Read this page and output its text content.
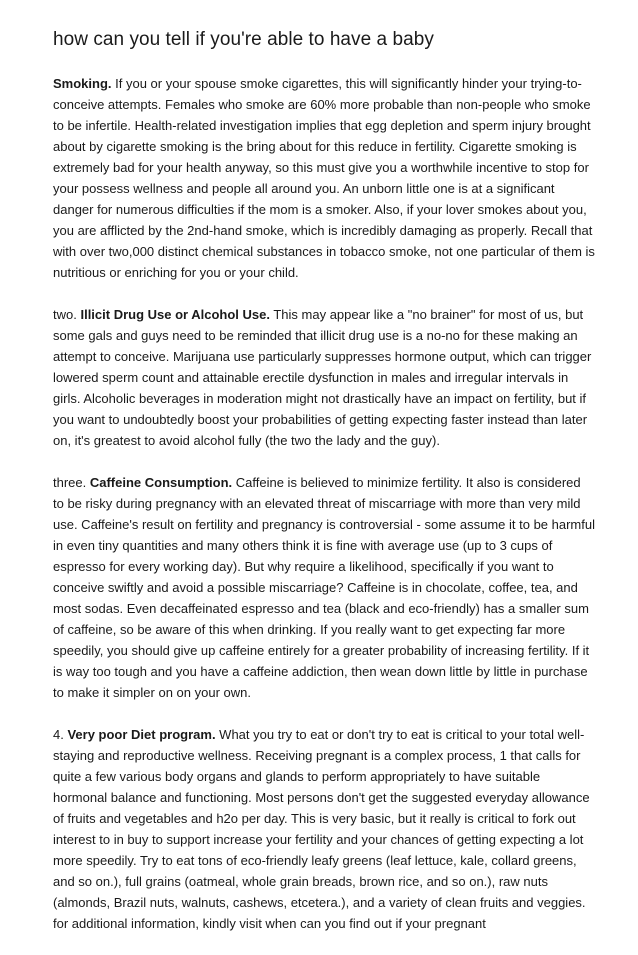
how can you tell if you're able to have a baby

Smoking. If you or your spouse smoke cigarettes, this will significantly hinder your trying-to-conceive attempts. Females who smoke are 60% more probable than non-people who smoke to be infertile. Health-related investigation implies that egg depletion and sperm injury brought about by cigarette smoking is the bring about for this reduce in fertility. Cigarette smoking is extremely bad for your health anyway, so this must give you a worthwhile incentive to stop for your possess wellness and people all around you. An unborn little one is at a significant danger for numerous difficulties if the mom is a smoker. Also, if your lover smokes about you, you are afflicted by the 2nd-hand smoke, which is incredibly damaging as properly. Recall that with over two,000 distinct chemical substances in tobacco smoke, not one particular of them is nutritious or enriching for you or your child.

two. Illicit Drug Use or Alcohol Use. This may appear like a "no brainer" for most of us, but some gals and guys need to be reminded that illicit drug use is a no-no for these making an attempt to conceive. Marijuana use particularly suppresses hormone output, which can trigger lowered sperm count and attainable erectile dysfunction in males and irregular intervals in girls. Alcoholic beverages in moderation might not drastically have an impact on fertility, but if you want to undoubtedly boost your probabilities of getting expecting faster instead than later on, it's greatest to avoid alcohol fully (the two the lady and the guy).

three. Caffeine Consumption. Caffeine is believed to minimize fertility. It also is considered to be risky during pregnancy with an elevated threat of miscarriage with more than very mild use. Caffeine's result on fertility and pregnancy is controversial - some assume it to be harmful in even tiny quantities and many others think it is fine with average use (up to 3 cups of espresso for every working day). But why require a likelihood, specifically if you want to conceive swiftly and avoid a possible miscarriage? Caffeine is in chocolate, coffee, tea, and most sodas. Even decaffeinated espresso and tea (black and eco-friendly) has a smaller sum of caffeine, so be aware of this when drinking. If you really want to get expecting far more speedily, you should give up caffeine entirely for a greater probability of increasing fertility. If it is way too tough and you have a caffeine addiction, then wean down little by little in purchase to make it simpler on on your own.

4. Very poor Diet program. What you try to eat or don't try to eat is critical to your total well-staying and reproductive wellness. Receiving pregnant is a complex process, 1 that calls for quite a few various body organs and glands to perform appropriately to have suitable hormonal balance and functioning. Most persons don't get the suggested everyday allowance of fruits and vegetables and h2o per day. This is very basic, but it really is critical to fork out interest to in buy to support increase your fertility and your chances of getting expecting a lot more speedily. Try to eat tons of eco-friendly leafy greens (leaf lettuce, kale, collard greens, and so on.), full grains (oatmeal, whole grain breads, brown rice, and so on.), raw nuts (almonds, Brazil nuts, walnuts, cashews, etcetera.), and a variety of clean fruits and veggies. for additional information, kindly visit when can you find out if your pregnant
